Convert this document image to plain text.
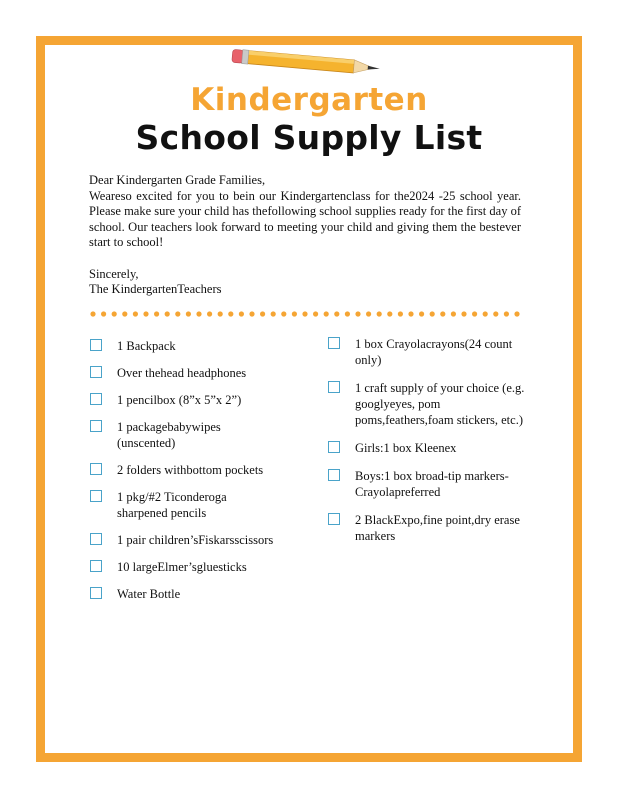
Kindergarten
School Supply List

Dear Kindergarten Grade Families,

Weareso excited for you to bein our Kindergartenclass for the2024 -25 school year. Please make sure your child has thefollowing school supplies ready for the first day of school. Our teachers look forward to meeting your child and giving them the bestever start to school!

Sincerely,

The KindergartenTeachers

1 Backpack
Over thehead headphones
1 pencilbox (8”x 5”x 2”)
1 packagebabywipes (unscented)
2 folders withbottom pockets
1 pkg/#2 Ticonderoga sharpened pencils
1 pair children’sFiskarsscissors
10 largeElmer’sgluesticks
Water Bottle
1 box Crayolacrayons(24 count only)
1 craft supply of your choice (e.g. googlyeyes, pom poms,feathers,foam stickers, etc.)
Girls:1 box Kleenex
Boys:1 box broad-tip markers- Crayolapreferred
2 BlackExpo,fine point,dry erase markers
